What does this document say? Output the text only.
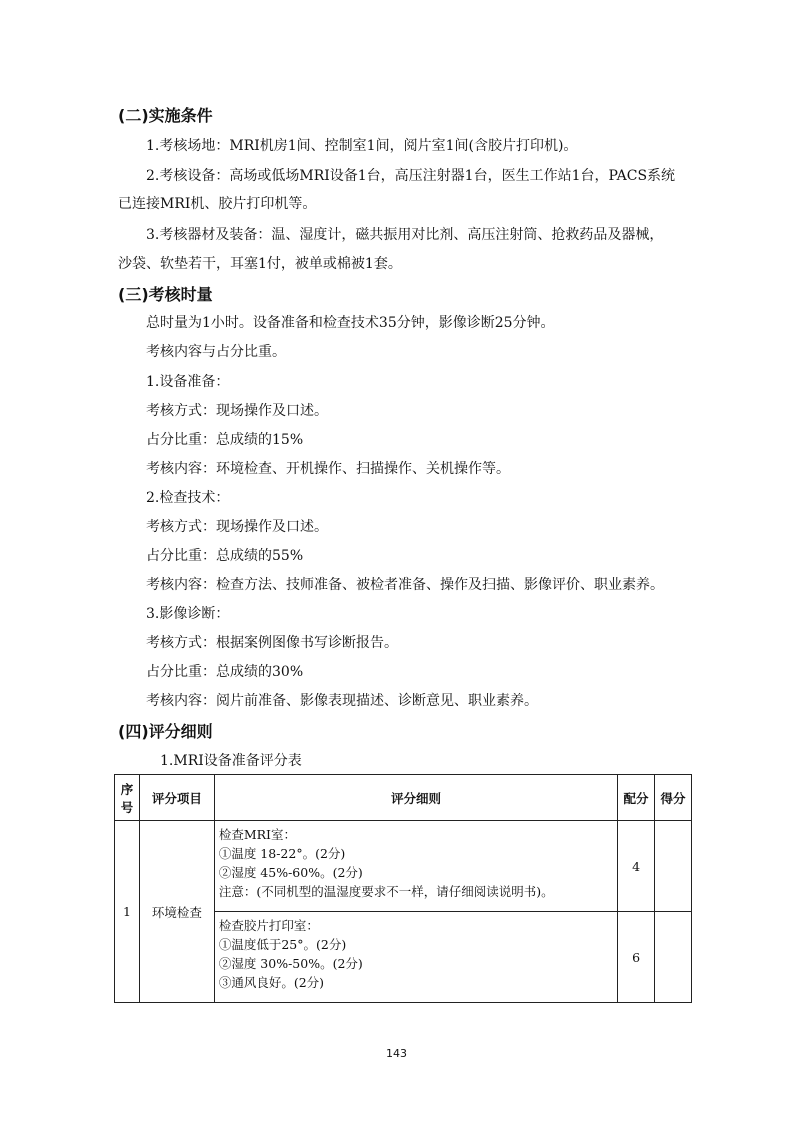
(二)实施条件
1.考核场地：MRI机房1间、控制室1间，阅片室1间(含胶片打印机)。
2.考核设备：高场或低场MRI设备1台，高压注射器1台，医生工作站1台，PACS系统
已连接MRI机、胶片打印机等。
3.考核器材及装备：温、湿度计，磁共振用对比剂、高压注射筒、抢救药品及器械，
沙袋、软垫若干，耳塞1付，被单或棉被1套。
(三)考核时量
总时量为1小时。设备准备和检查技术35分钟，影像诊断25分钟。
考核内容与占分比重。
1.设备准备：
考核方式：现场操作及口述。
占分比重：总成绩的15%
考核内容：环境检查、开机操作、扫描操作、关机操作等。
2.检查技术：
考核方式：现场操作及口述。
占分比重：总成绩的55%
考核内容：检查方法、技师准备、被检者准备、操作及扫描、影像评价、职业素养。
3.影像诊断：
考核方式：根据案例图像书写诊断报告。
占分比重：总成绩的30%
考核内容：阅片前准备、影像表现描述、诊断意见、职业素养。
(四)评分细则
1.MRI设备准备评分表
序号	评分项目	评分细则	配分	得分
1	环境检查	检查MRI室：
①温度 18-22°。(2分)
②湿度 45%-60%。(2分)
注意：(不同机型的温湿度要求不一样，请仔细阅读说明书)。	4	

		检查胶片打印室：
①温度低于25°。(2分)
②湿度 30%-50%。(2分)
③通风良好。(2分)	6	
143
